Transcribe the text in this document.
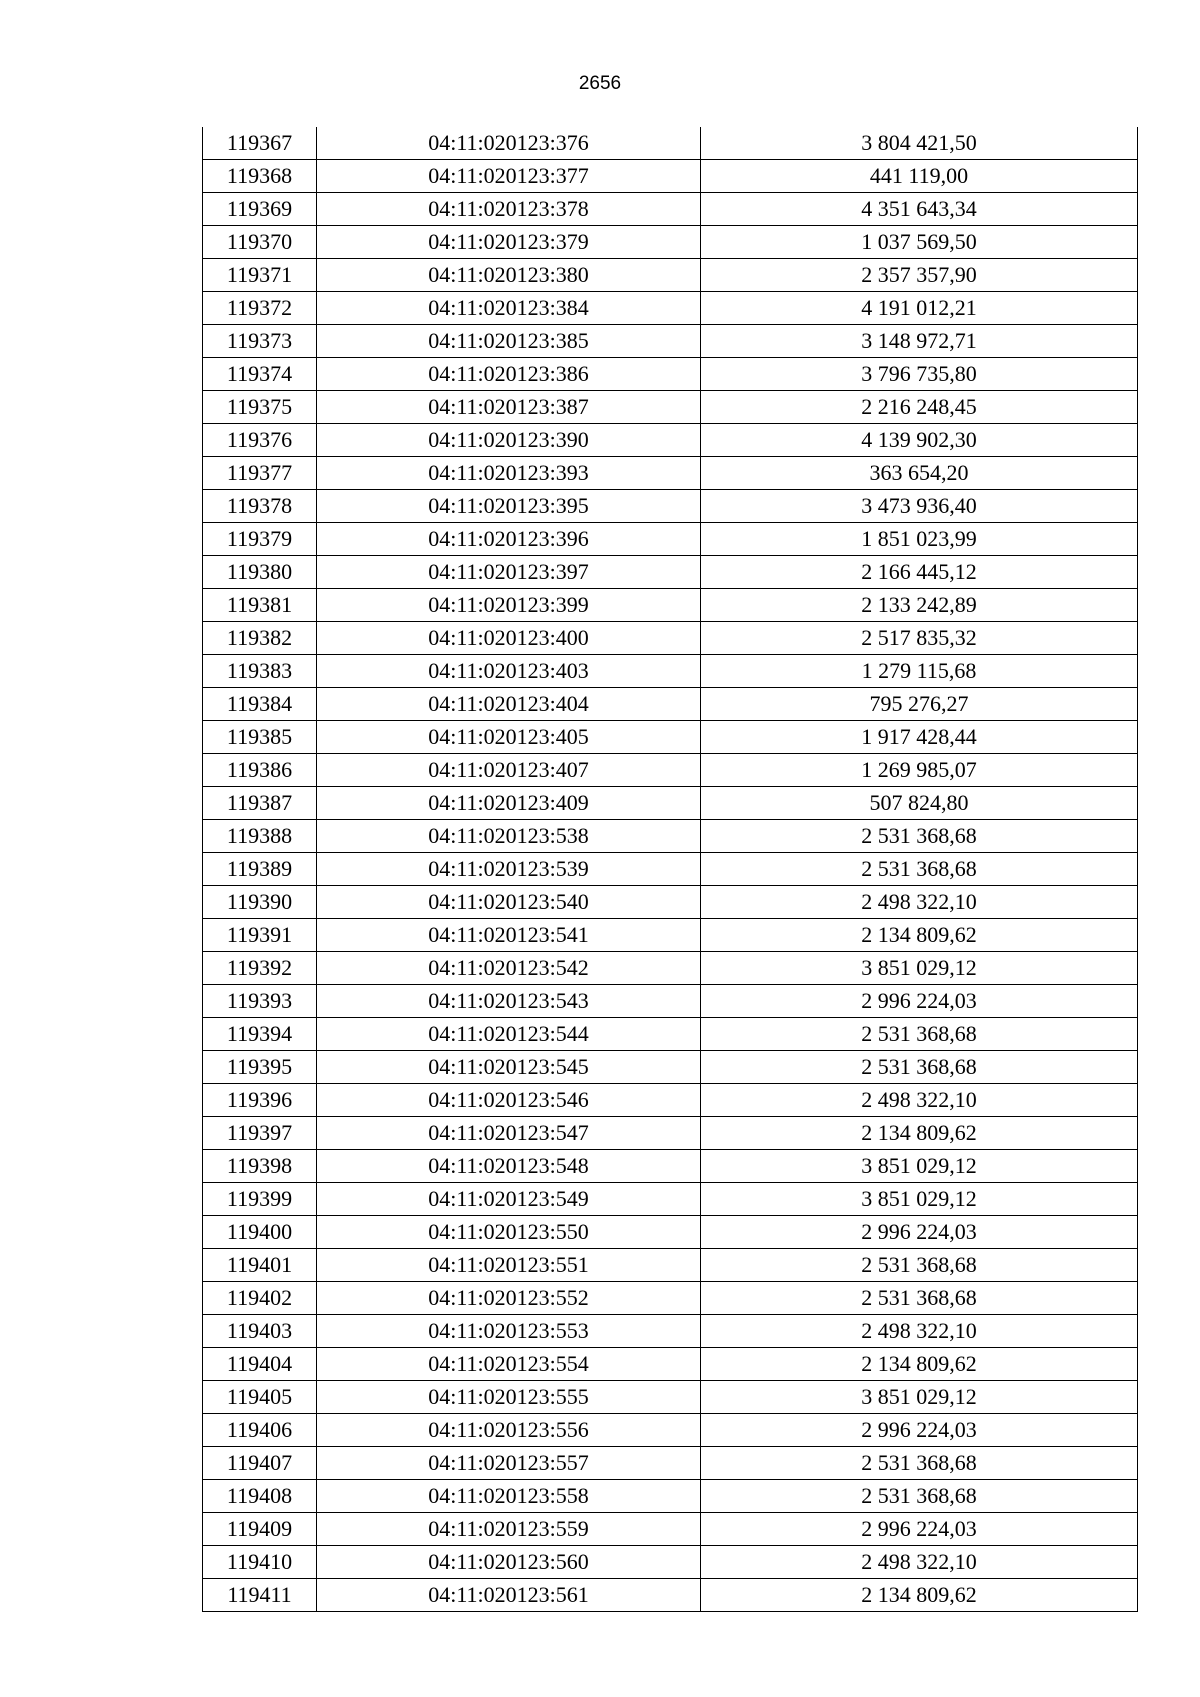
2656
119367	04:11:020123:376	3 804 421,50
119368	04:11:020123:377	441 119,00
119369	04:11:020123:378	4 351 643,34
119370	04:11:020123:379	1 037 569,50
119371	04:11:020123:380	2 357 357,90
119372	04:11:020123:384	4 191 012,21
119373	04:11:020123:385	3 148 972,71
119374	04:11:020123:386	3 796 735,80
119375	04:11:020123:387	2 216 248,45
119376	04:11:020123:390	4 139 902,30
119377	04:11:020123:393	363 654,20
119378	04:11:020123:395	3 473 936,40
119379	04:11:020123:396	1 851 023,99
119380	04:11:020123:397	2 166 445,12
119381	04:11:020123:399	2 133 242,89
119382	04:11:020123:400	2 517 835,32
119383	04:11:020123:403	1 279 115,68
119384	04:11:020123:404	795 276,27
119385	04:11:020123:405	1 917 428,44
119386	04:11:020123:407	1 269 985,07
119387	04:11:020123:409	507 824,80
119388	04:11:020123:538	2 531 368,68
119389	04:11:020123:539	2 531 368,68
119390	04:11:020123:540	2 498 322,10
119391	04:11:020123:541	2 134 809,62
119392	04:11:020123:542	3 851 029,12
119393	04:11:020123:543	2 996 224,03
119394	04:11:020123:544	2 531 368,68
119395	04:11:020123:545	2 531 368,68
119396	04:11:020123:546	2 498 322,10
119397	04:11:020123:547	2 134 809,62
119398	04:11:020123:548	3 851 029,12
119399	04:11:020123:549	3 851 029,12
119400	04:11:020123:550	2 996 224,03
119401	04:11:020123:551	2 531 368,68
119402	04:11:020123:552	2 531 368,68
119403	04:11:020123:553	2 498 322,10
119404	04:11:020123:554	2 134 809,62
119405	04:11:020123:555	3 851 029,12
119406	04:11:020123:556	2 996 224,03
119407	04:11:020123:557	2 531 368,68
119408	04:11:020123:558	2 531 368,68
119409	04:11:020123:559	2 996 224,03
119410	04:11:020123:560	2 498 322,10
119411	04:11:020123:561	2 134 809,62
